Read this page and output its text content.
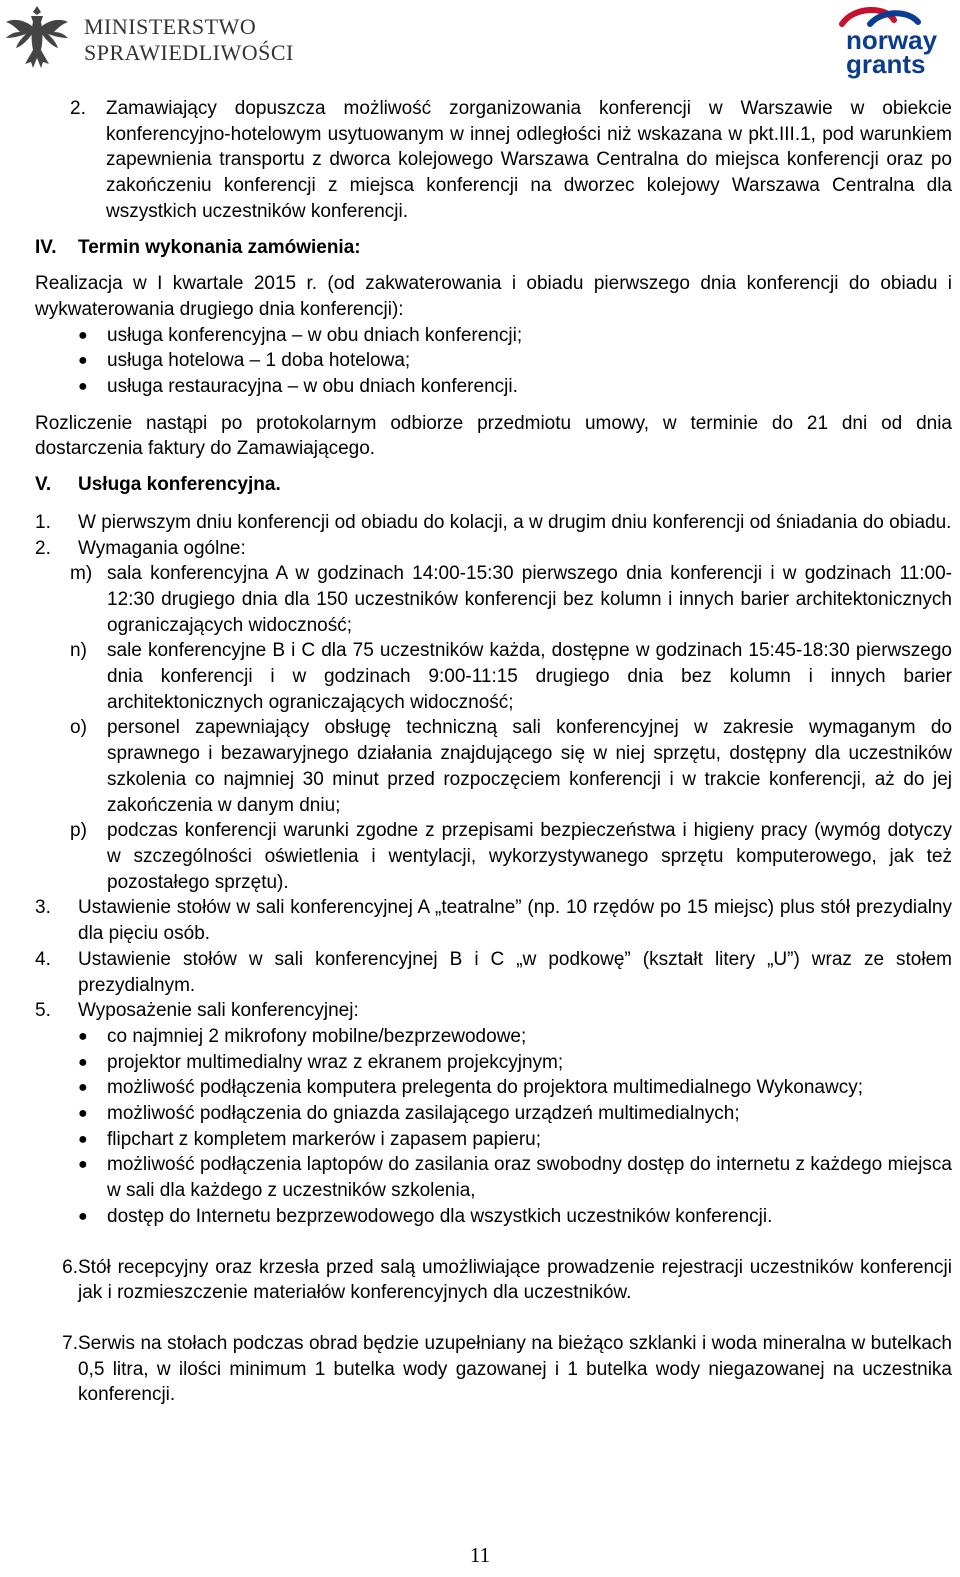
MINISTERSTWO
SPRAWIEDLIWOŚCI	norway
grants
2.	Zamawiający dopuszcza możliwość zorganizowania konferencji w Warszawie w obiekcie konferencyjno-hotelowym usytuowanym w innej odległości niż wskazana w pkt.III.1, pod warunkiem zapewnienia transportu z dworca kolejowego Warszawa Centralna do miejsca konferencji oraz po zakończeniu konferencji z miejsca konferencji na dworzec kolejowy Warszawa Centralna dla wszystkich uczestników konferencji.
IV.	Termin wykonania zamówienia:
Realizacja w I kwartale 2015 r. (od zakwaterowania i obiadu pierwszego dnia konferencji do obiadu i wykwaterowania drugiego dnia konferencji):
●	usługa konferencyjna – w obu dniach konferencji;
●	usługa hotelowa – 1 doba hotelowa;
●	usługa restauracyjna – w obu dniach konferencji.
Rozliczenie nastąpi po protokolarnym odbiorze przedmiotu umowy, w terminie do 21 dni od dnia dostarczenia faktury do Zamawiającego.
V.	Usługa konferencyjna.
1.	W pierwszym dniu konferencji od obiadu do kolacji, a w drugim dniu konferencji od śniadania do obiadu.
2.	Wymagania ogólne:
m) sala konferencyjna A w godzinach 14:00-15:30 pierwszego dnia konferencji i w godzinach 11:00-12:30 drugiego dnia dla 150 uczestników konferencji bez kolumn i innych barier architektonicznych ograniczających widoczność;
n)	sale konferencyjne B i C dla 75 uczestników każda, dostępne w godzinach 15:45-18:30 pierwszego dnia konferencji i w godzinach 9:00-11:15 drugiego dnia bez kolumn i innych barier architektonicznych ograniczających widoczność;
o)	personel zapewniający obsługę techniczną sali konferencyjnej w zakresie wymaganym do sprawnego i bezawaryjnego działania znajdującego się w niej sprzętu, dostępny dla uczestników szkolenia co najmniej 30 minut przed rozpoczęciem konferencji i w trakcie konferencji, aż do jej zakończenia w danym dniu;
p)	podczas konferencji warunki zgodne z przepisami bezpieczeństwa i higieny pracy (wymóg dotyczy w szczególności oświetlenia i wentylacji, wykorzystywanego sprzętu komputerowego, jak też pozostałego sprzętu).
3.	Ustawienie stołów w sali konferencyjnej A „teatralne” (np. 10 rzędów po 15 miejsc) plus stół prezydialny dla pięciu osób.
4.	Ustawienie stołów w sali konferencyjnej B i C „w podkowę” (kształt litery „U”) wraz ze stołem prezydialnym.
5.	Wyposażenie sali konferencyjnej:
●	co najmniej 2 mikrofony mobilne/bezprzewodowe;
●	projektor multimedialny wraz z ekranem projekcyjnym;
●	możliwość podłączenia komputera prelegenta do projektora multimedialnego Wykonawcy;
●	możliwość podłączenia do gniazda zasilającego urządzeń multimedialnych;
●	flipchart z kompletem markerów i zapasem papieru;
●	możliwość podłączenia laptopów do zasilania oraz swobodny dostęp do internetu z każdego miejsca w sali dla każdego z uczestników szkolenia,
●	dostęp do Internetu bezprzewodowego dla wszystkich uczestników konferencji.
6. Stół recepcyjny oraz krzesła przed salą umożliwiające prowadzenie rejestracji uczestników konferencji jak i rozmieszczenie materiałów konferencyjnych dla uczestników.
7. Serwis na stołach podczas obrad będzie uzupełniany na bieżąco szklanki i woda mineralna w butelkach 0,5 litra, w ilości minimum 1 butelka wody gazowanej i 1 butelka wody niegazowanej na uczestnika konferencji.
11
